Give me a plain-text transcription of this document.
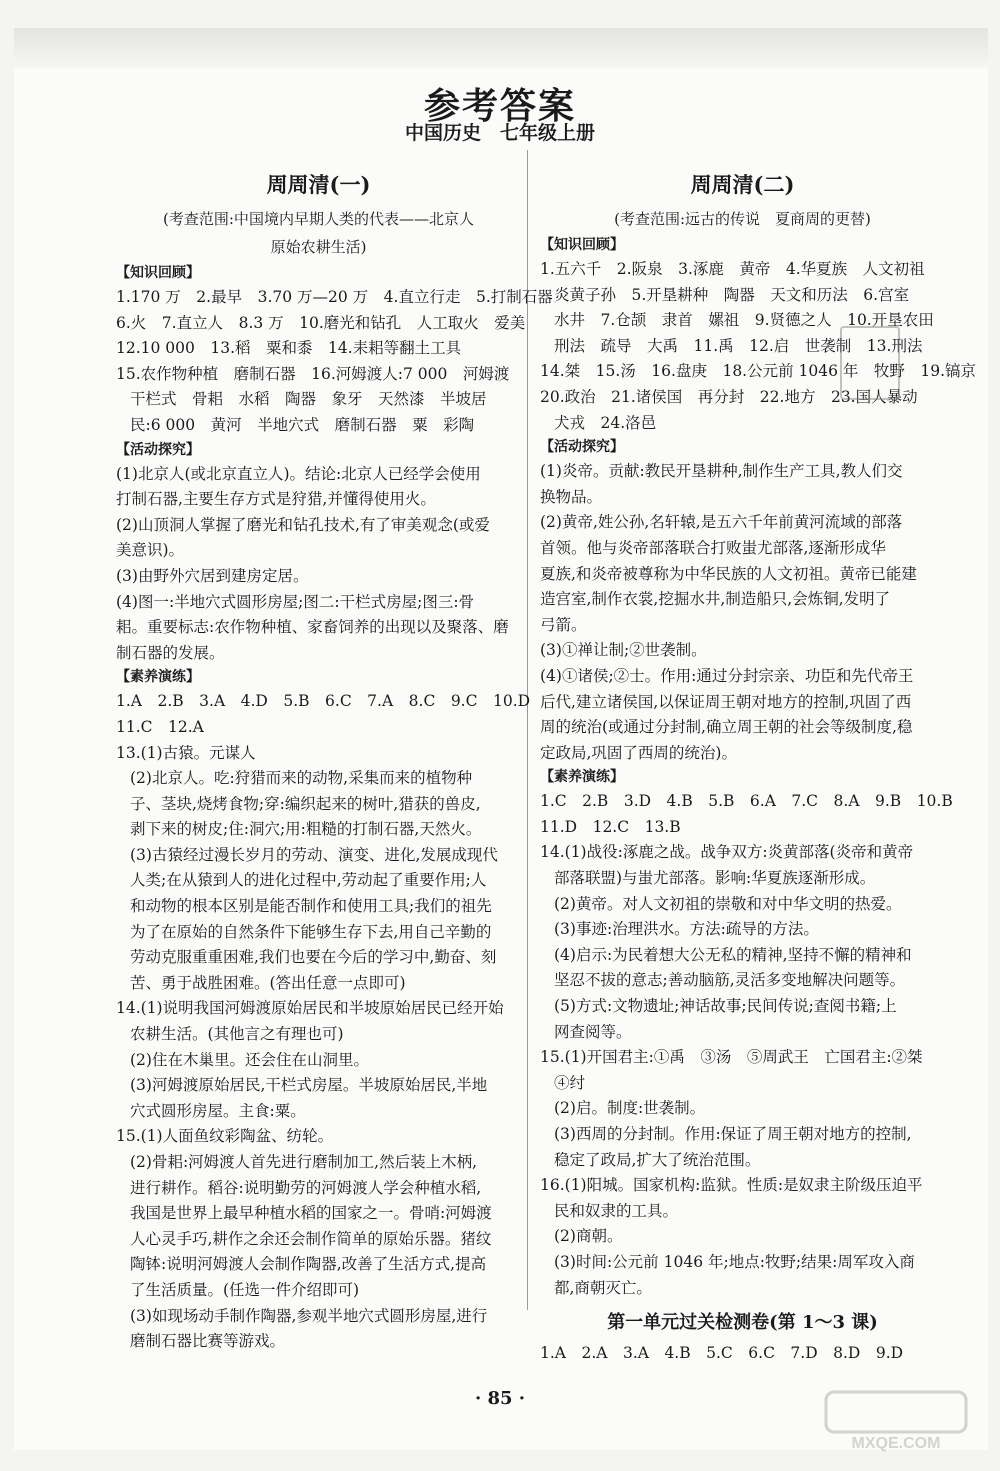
参考答案
中国历史　七年级上册
周周清(一)
(考查范围:中国境内早期人类的代表——北京人
原始农耕生活)
【知识回顾】
1.170 万　2.最早　3.70 万—20 万　4.直立行走　5.打制石器
6.火　7.直立人　8.3 万　10.磨光和钻孔　人工取火　爱美
12.10 000　13.稻　粟和黍　14.耒耜等翻土工具
15.农作物种植　磨制石器　16.河姆渡人:7 000　河姆渡
干栏式　骨耜　水稻　陶器　象牙　天然漆　半坡居
民:6 000　黄河　半地穴式　磨制石器　粟　彩陶
【活动探究】
(1)北京人(或北京直立人)。结论:北京人已经学会使用
打制石器,主要生存方式是狩猎,并懂得使用火。
(2)山顶洞人掌握了磨光和钻孔技术,有了审美观念(或爱
美意识)。
(3)由野外穴居到建房定居。
(4)图一:半地穴式圆形房屋;图二:干栏式房屋;图三:骨
耜。重要标志:农作物种植、家畜饲养的出现以及聚落、磨
制石器的发展。
【素养演练】
1.A　2.B　3.A　4.D　5.B　6.C　7.A　8.C　9.C　10.D
11.C　12.A
13.(1)古猿。元谋人
(2)北京人。吃:狩猎而来的动物,采集而来的植物种
子、茎块,烧烤食物;穿:编织起来的树叶,猎获的兽皮,
剥下来的树皮;住:洞穴;用:粗糙的打制石器,天然火。
(3)古猿经过漫长岁月的劳动、演变、进化,发展成现代
人类;在从猿到人的进化过程中,劳动起了重要作用;人
和动物的根本区别是能否制作和使用工具;我们的祖先
为了在原始的自然条件下能够生存下去,用自己辛勤的
劳动克服重重困难,我们也要在今后的学习中,勤奋、刻
苦、勇于战胜困难。(答出任意一点即可)
14.(1)说明我国河姆渡原始居民和半坡原始居民已经开始
农耕生活。(其他言之有理也可)
(2)住在木巢里。还会住在山洞里。
(3)河姆渡原始居民,干栏式房屋。半坡原始居民,半地
穴式圆形房屋。主食:粟。
15.(1)人面鱼纹彩陶盆、纺轮。
(2)骨耜:河姆渡人首先进行磨制加工,然后装上木柄,
进行耕作。稻谷:说明勤劳的河姆渡人学会种植水稻,
我国是世界上最早种植水稻的国家之一。骨哨:河姆渡
人心灵手巧,耕作之余还会制作简单的原始乐器。猪纹
陶钵:说明河姆渡人会制作陶器,改善了生活方式,提高
了生活质量。(任选一件介绍即可)
(3)如现场动手制作陶器,参观半地穴式圆形房屋,进行
磨制石器比赛等游戏。
周周清(二)
(考查范围:远古的传说　夏商周的更替)
【知识回顾】
1.五六千　2.阪泉　3.涿鹿　黄帝　4.华夏族　人文初祖
炎黄子孙　5.开垦耕种　陶器　天文和历法　6.宫室
水井　7.仓颉　隶首　嫘祖　9.贤德之人　10.开垦农田
刑法　疏导　大禹　11.禹　12.启　世袭制　13.刑法
14.桀　15.汤　16.盘庚　18.公元前 1046 年　牧野　19.镐京
20.政治　21.诸侯国　再分封　22.地方　23.国人暴动
犬戎　24.洛邑
【活动探究】
(1)炎帝。贡献:教民开垦耕种,制作生产工具,教人们交
换物品。
(2)黄帝,姓公孙,名轩辕,是五六千年前黄河流域的部落
首领。他与炎帝部落联合打败蚩尤部落,逐渐形成华
夏族,和炎帝被尊称为中华民族的人文初祖。黄帝已能建
造宫室,制作衣裳,挖掘水井,制造船只,会炼铜,发明了
弓箭。
(3)①禅让制;②世袭制。
(4)①诸侯;②士。作用:通过分封宗亲、功臣和先代帝王
后代,建立诸侯国,以保证周王朝对地方的控制,巩固了西
周的统治(或通过分封制,确立周王朝的社会等级制度,稳
定政局,巩固了西周的统治)。
【素养演练】
1.C　2.B　3.D　4.B　5.B　6.A　7.C　8.A　9.B　10.B
11.D　12.C　13.B
14.(1)战役:涿鹿之战。战争双方:炎黄部落(炎帝和黄帝
部落联盟)与蚩尤部落。影响:华夏族逐渐形成。
(2)黄帝。对人文初祖的崇敬和对中华文明的热爱。
(3)事迹:治理洪水。方法:疏导的方法。
(4)启示:为民着想大公无私的精神,坚持不懈的精神和
坚忍不拔的意志;善动脑筋,灵活多变地解决问题等。
(5)方式:文物遗址;神话故事;民间传说;查阅书籍;上
网查阅等。
15.(1)开国君主:①禹　③汤　⑤周武王　亡国君主:②桀
④纣
(2)启。制度:世袭制。
(3)西周的分封制。作用:保证了周王朝对地方的控制,
稳定了政局,扩大了统治范围。
16.(1)阳城。国家机构:监狱。性质:是奴隶主阶级压迫平
民和奴隶的工具。
(2)商朝。
(3)时间:公元前 1046 年;地点:牧野;结果:周军攻入商
都,商朝灭亡。
第一单元过关检测卷(第 1～3 课)
1.A　2.A　3.A　4.B　5.C　6.C　7.D　8.D　9.D
· 85 ·
MXQE.COM
